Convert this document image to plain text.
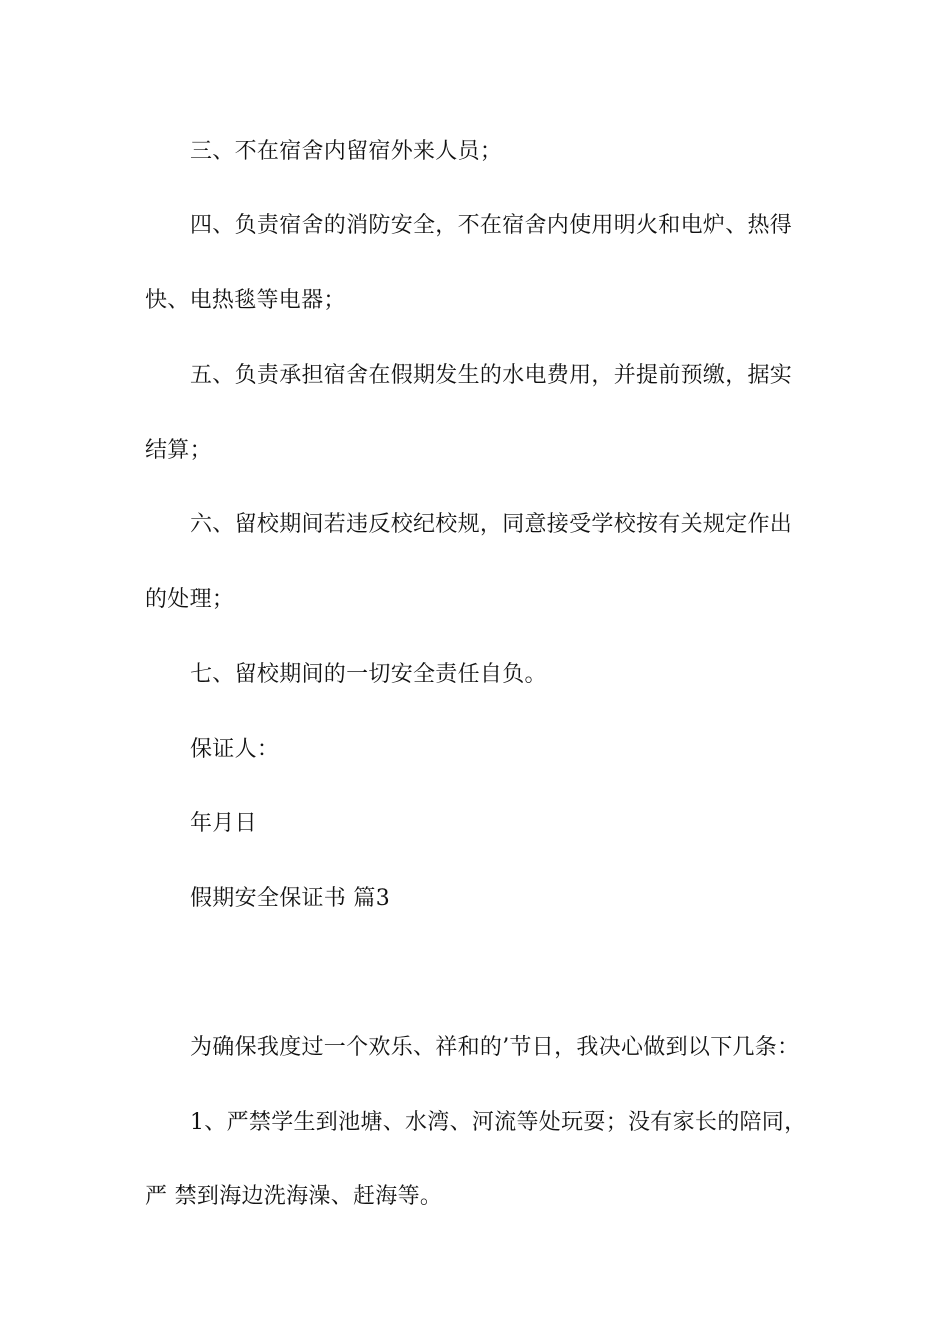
三、不在宿舍内留宿外来人员；
四、负责宿舍的消防安全，不在宿舍内使用明火和电炉、热得
快、电热毯等电器；
五、负责承担宿舍在假期发生的水电费用，并提前预缴，据实
结算；
六、留校期间若违反校纪校规，同意接受学校按有关规定作出
的处理；
七、留校期间的一切安全责任自负。
保证人：
年月日
假期安全保证书 篇3
为确保我度过一个欢乐、祥和的’节日，我决心做到以下几条：
1、严禁学生到池塘、水湾、河流等处玩耍；没有家长的陪同，
严 禁到海边洗海澡、赶海等。
